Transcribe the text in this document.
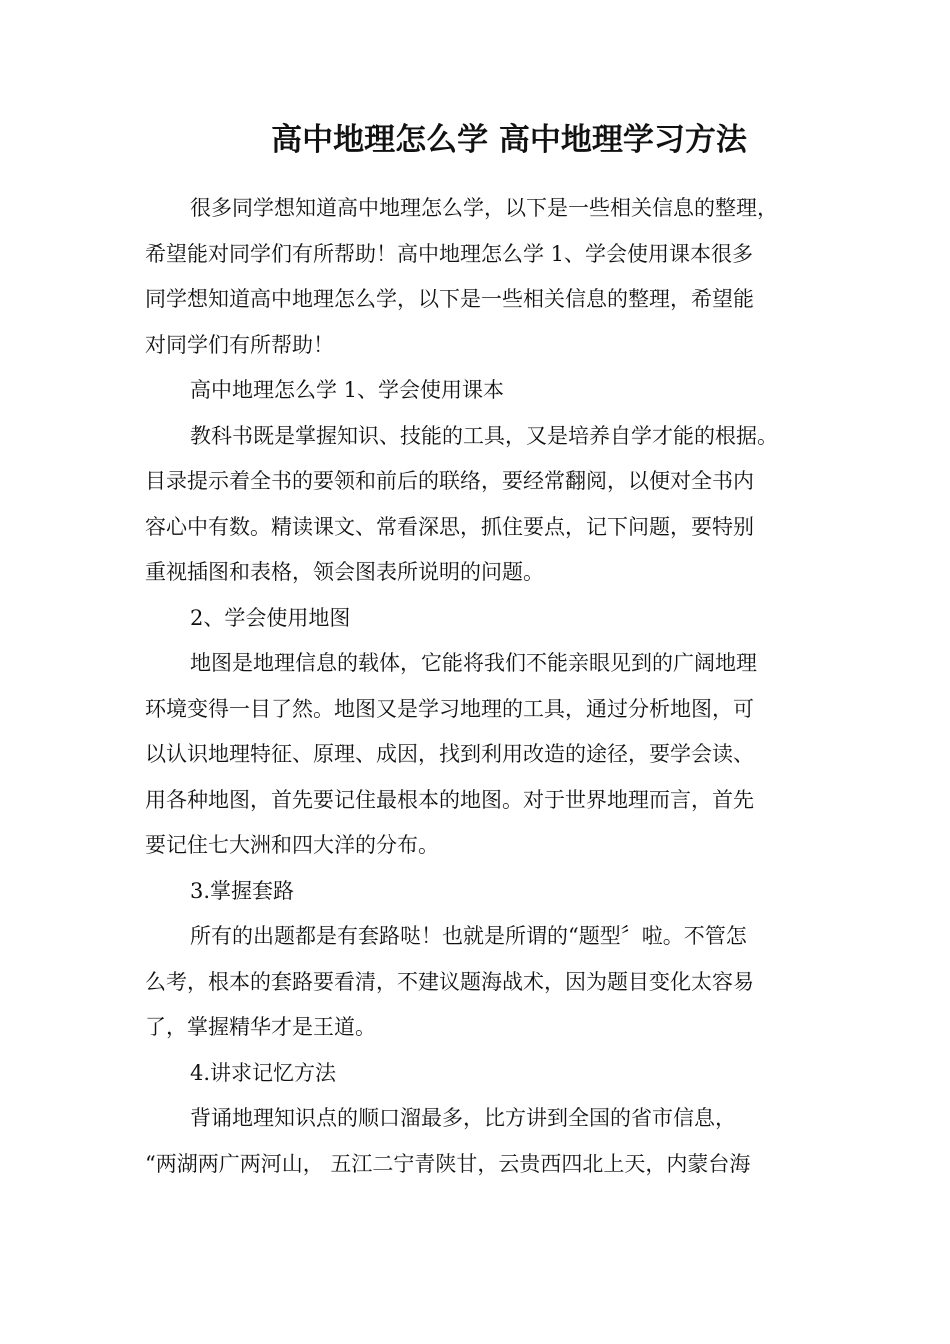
高中地理怎么学 高中地理学习方法
很多同学想知道高中地理怎么学，以下是一些相关信息的整理，
希望能对同学们有所帮助！高中地理怎么学 1、学会使用课本很多
同学想知道高中地理怎么学，以下是一些相关信息的整理，希望能
对同学们有所帮助！
高中地理怎么学 1、学会使用课本
教科书既是掌握知识、技能的工具，又是培养自学才能的根据。
目录提示着全书的要领和前后的联络，要经常翻阅，以便对全书内
容心中有数。精读课文、常看深思，抓住要点，记下问题，要特别
重视插图和表格，领会图表所说明的问题。
2、学会使用地图
地图是地理信息的载体，它能将我们不能亲眼见到的广阔地理
环境变得一目了然。地图又是学习地理的工具，通过分析地图，可
以认识地理特征、原理、成因，找到利用改造的途径，要学会读、
用各种地图，首先要记住最根本的地图。对于世界地理而言，首先
要记住七大洲和四大洋的分布。
3.掌握套路
所有的出题都是有套路哒！也就是所谓的“题型〞啦。不管怎
么考，根本的套路要看清，不建议题海战术，因为题目变化太容易
了，掌握精华才是王道。
4.讲求记忆方法
背诵地理知识点的顺口溜最多，比方讲到全国的省市信息，
“两湖两广两河山， 五江二宁青陕甘，云贵西四北上天，内蒙台海
